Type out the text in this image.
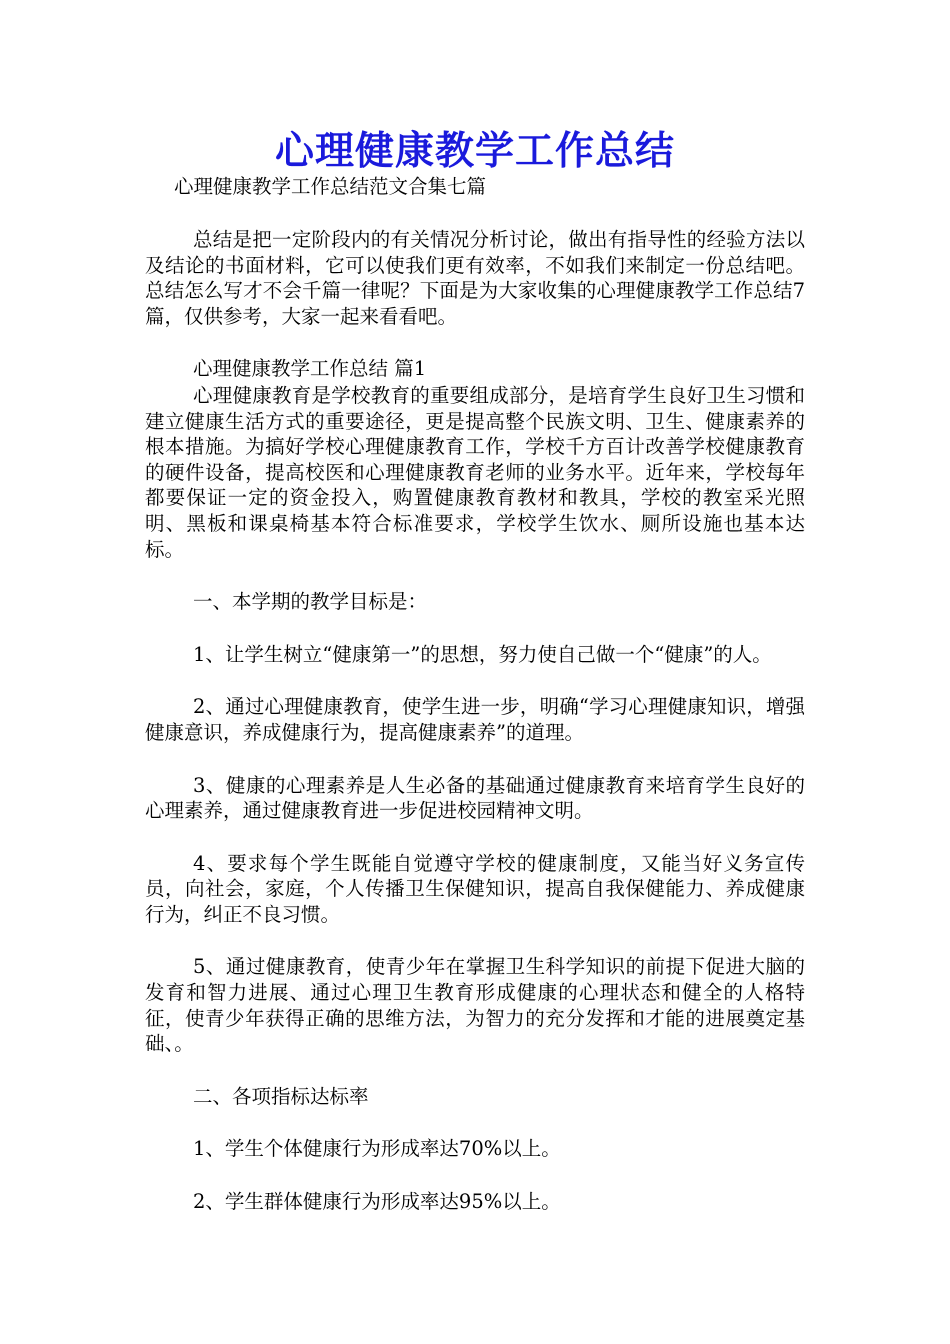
心理健康教学工作总结

心理健康教学工作总结范文合集七篇

总结是把一定阶段内的有关情况分析讨论，做出有指导性的经验方法以及结论的书面材料，它可以使我们更有效率，不如我们来制定一份总结吧。总结怎么写才不会千篇一律呢？下面是为大家收集的心理健康教学工作总结7篇，仅供参考，大家一起来看看吧。

心理健康教学工作总结 篇1

心理健康教育是学校教育的重要组成部分，是培育学生良好卫生习惯和建立健康生活方式的重要途径，更是提高整个民族文明、卫生、健康素养的根本措施。为搞好学校心理健康教育工作，学校千方百计改善学校健康教育的硬件设备，提高校医和心理健康教育老师的业务水平。近年来，学校每年都要保证一定的资金投入，购置健康教育教材和教具，学校的教室采光照明、黑板和课桌椅基本符合标准要求，学校学生饮水、厕所设施也基本达标。

一、本学期的教学目标是：

1、让学生树立“健康第一”的思想，努力使自己做一个“健康”的人。

2、通过心理健康教育，使学生进一步，明确“学习心理健康知识，增强健康意识，养成健康行为，提高健康素养”的道理。

3、健康的心理素养是人生必备的基础通过健康教育来培育学生良好的心理素养，通过健康教育进一步促进校园精神文明。

4、要求每个学生既能自觉遵守学校的健康制度，又能当好义务宣传员，向社会，家庭，个人传播卫生保健知识，提高自我保健能力、养成健康行为，纠正不良习惯。

5、通过健康教育，使青少年在掌握卫生科学知识的前提下促进大脑的发育和智力进展、通过心理卫生教育形成健康的心理状态和健全的人格特征，使青少年获得正确的思维方法，为智力的充分发挥和才能的进展奠定基础、。

二、各项指标达标率

1、学生个体健康行为形成率达70%以上。

2、学生群体健康行为形成率达95%以上。
